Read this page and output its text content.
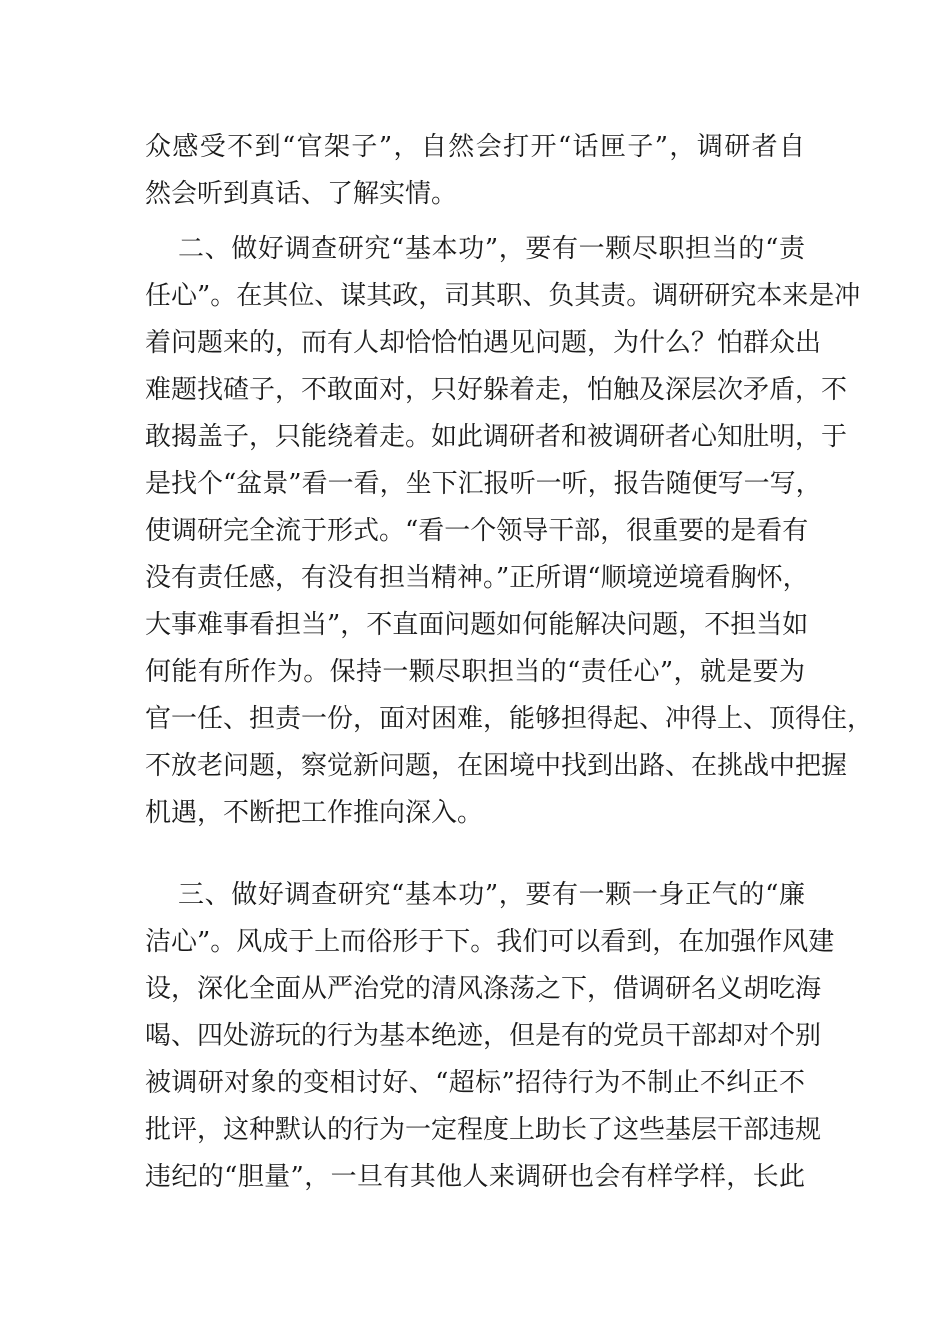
众感受不到“官架子”，自然会打开“话匣子”，调研者自
然会听到真话、了解实情。
二、做好调查研究“基本功”，要有一颗尽职担当的“责
任心”。在其位、谋其政，司其职、负其责。调研研究本来是冲
着问题来的，而有人却恰恰怕遇见问题，为什么？怕群众出
难题找碴子，不敢面对，只好躲着走，怕触及深层次矛盾，不
敢揭盖子，只能绕着走。如此调研者和被调研者心知肚明，于
是找个“盆景”看一看，坐下汇报听一听，报告随便写一写，
使调研完全流于形式。“看一个领导干部，很重要的是看有
没有责任感，有没有担当精神。”正所谓“顺境逆境看胸怀，
大事难事看担当”，不直面问题如何能解决问题，不担当如
何能有所作为。保持一颗尽职担当的“责任心”，就是要为
官一任、担责一份，面对困难，能够担得起、冲得上、顶得住，
不放老问题，察觉新问题，在困境中找到出路、在挑战中把握
机遇，不断把工作推向深入。
三、做好调查研究“基本功”，要有一颗一身正气的“廉
洁心”。风成于上而俗形于下。我们可以看到，在加强作风建
设，深化全面从严治党的清风涤荡之下，借调研名义胡吃海
喝、四处游玩的行为基本绝迹，但是有的党员干部却对个别
被调研对象的变相讨好、“超标”招待行为不制止不纠正不
批评，这种默认的行为一定程度上助长了这些基层干部违规
违纪的“胆量”，一旦有其他人来调研也会有样学样，长此
